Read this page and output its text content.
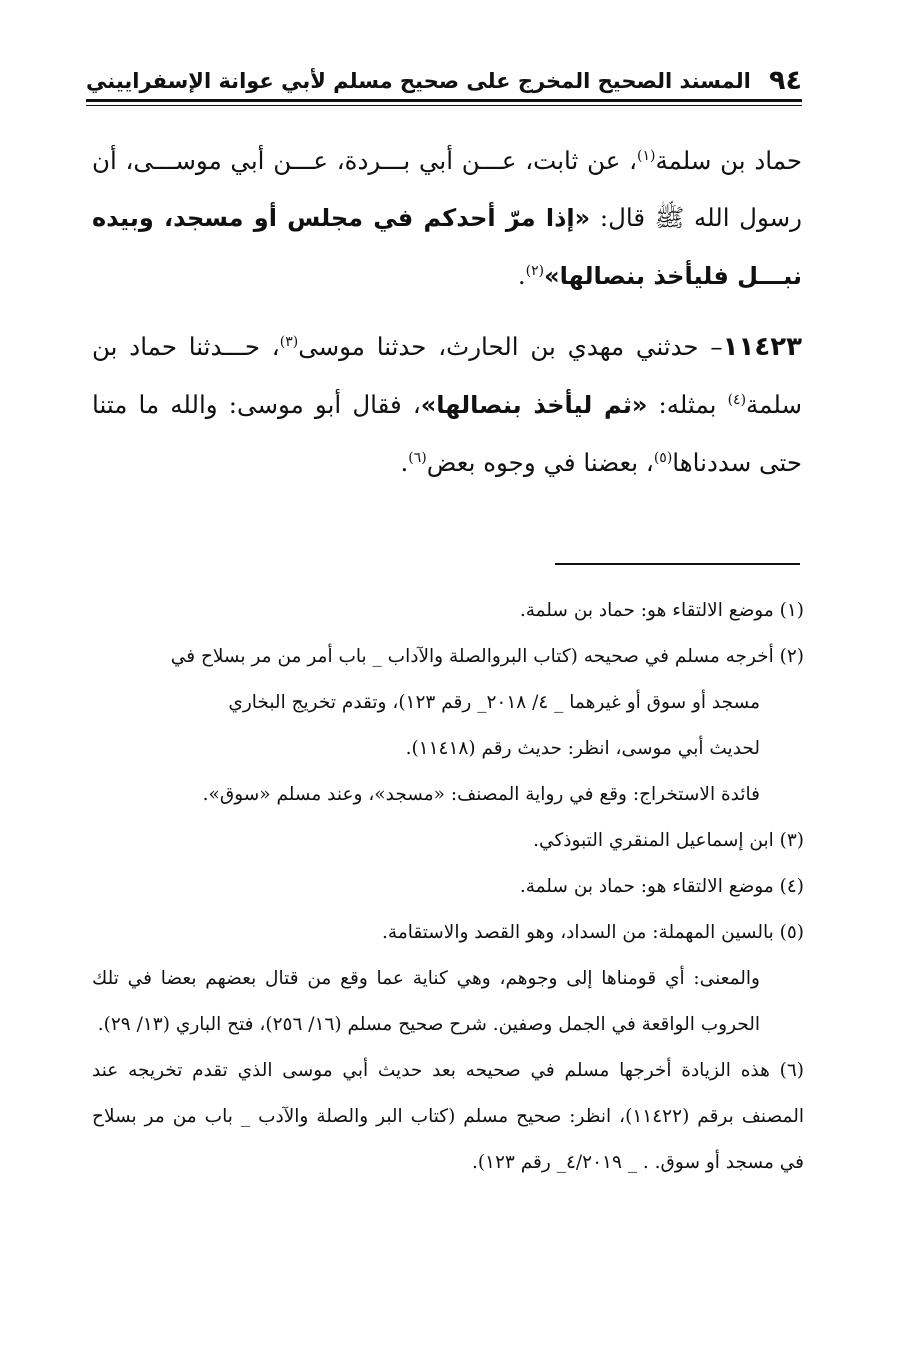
٩٤
المسند الصحيح المخرج على صحيح مسلم لأبي عوانة الإسفراييني

حماد بن سلمة$^{(١)}$، عن ثابت، عـــن أبي بـــردة، عـــن أبي موســـى، أن رسول الله ﷺ قال: «إذا مرّ أحدكم في مجلس أو مسجد، وبيده نبـــل فليأخذ بنصالها»$^{(٢)}$.

١١٤٢٣– حدثني مهدي بن الحارث، حدثنا موسى$^{(٣)}$، حـــدثنا حماد بن سلمة$^{(٤)}$ بمثله: «ثم ليأخذ بنصالها»، فقال أبو موسى: والله ما متنا حتى سددناها$^{(٥)}$، بعضنا في وجوه بعض$^{(٦)}$.

(١) موضع الالتقاء هو: حماد بن سلمة.
(٢) أخرجه مسلم في صحيحه (كتاب البروالصلة والآداب _ باب أمر من مر بسلاح في
مسجد أو سوق أو غيرهما _ ٤/ ٢٠١٨_ رقم ١٢٣)، وتقدم تخريج البخاري
لحديث أبي موسى، انظر: حديث رقم (١١٤١٨).
فائدة الاستخراج: وقع في رواية المصنف: «مسجد»، وعند مسلم «سوق».
(٣) ابن إسماعيل المنقري التبوذكي.
(٤) موضع الالتقاء هو: حماد بن سلمة.
(٥) بالسين المهملة: من السداد، وهو القصد والاستقامة.
والمعنى: أي قومناها إلى وجوهم، وهي كناية عما وقع من قتال بعضهم بعضا في تلك الحروب الواقعة في الجمل وصفين. شرح صحيح مسلم (١٦/ ٢٥٦)، فتح الباري (١٣/ ٢٩).
(٦) هذه الزيادة أخرجها مسلم في صحيحه بعد حديث أبي موسى الذي تقدم تخريجه عند المصنف برقم (١١٤٢٢)، انظر: صحيح مسلم (كتاب البر والصلة والآدب _ باب من مر بسلاح في مسجد أو سوق. . _ ٤/٢٠١٩_ رقم ١٢٣).
